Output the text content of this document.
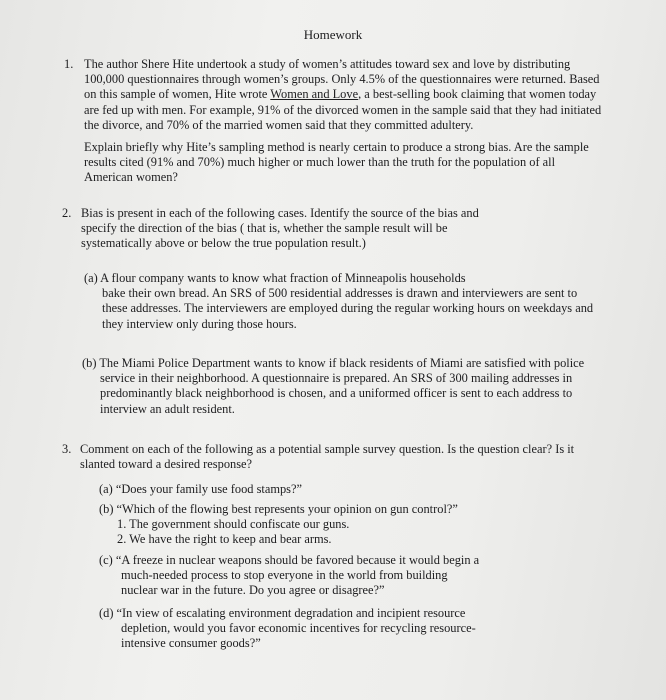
Homework
1. The author Shere Hite undertook a study of women’s attitudes toward sex and love by distributing
100,000 questionnaires through women’s groups. Only 4.5% of the questionnaires were returned. Based
on this sample of women, Hite wrote Women and Love, a best-selling book claiming that women today
are fed up with men. For example, 91% of the divorced women in the sample said that they had initiated
the divorce, and 70% of the married women said that they committed adultery.
Explain briefly why Hite’s sampling method is nearly certain to produce a strong bias. Are the sample
results cited (91% and 70%) much higher or much lower than the truth for the population of all
American women?
2. Bias is present in each of the following cases. Identify the source of the bias and
specify the direction of the bias ( that is, whether the sample result will be
systematically above or below the true population result.)
(a) A flour company wants to know what fraction of Minneapolis households
bake their own bread. An SRS of 500 residential addresses is drawn and interviewers are sent to
these addresses. The interviewers are employed during the regular working hours on weekdays and
they interview only during those hours.
(b) The Miami Police Department wants to know if black residents of Miami are satisfied with police
service in their neighborhood. A questionnaire is prepared. An SRS of 300 mailing addresses in
predominantly black neighborhood is chosen, and a uniformed officer is sent to each address to
interview an adult resident.
3. Comment on each of the following as a potential sample survey question. Is the question clear? Is it
slanted toward a desired response?
(a) “Does your family use food stamps?”
(b) “Which of the flowing best represents your opinion on gun control?”
1. The government should confiscate our guns.
2. We have the right to keep and bear arms.
(c) “A freeze in nuclear weapons should be favored because it would begin a
much-needed process to stop everyone in the world from building
nuclear war in the future. Do you agree or disagree?”
(d) “In view of escalating environment degradation and incipient resource
depletion, would you favor economic incentives for recycling resource-
intensive consumer goods?”
